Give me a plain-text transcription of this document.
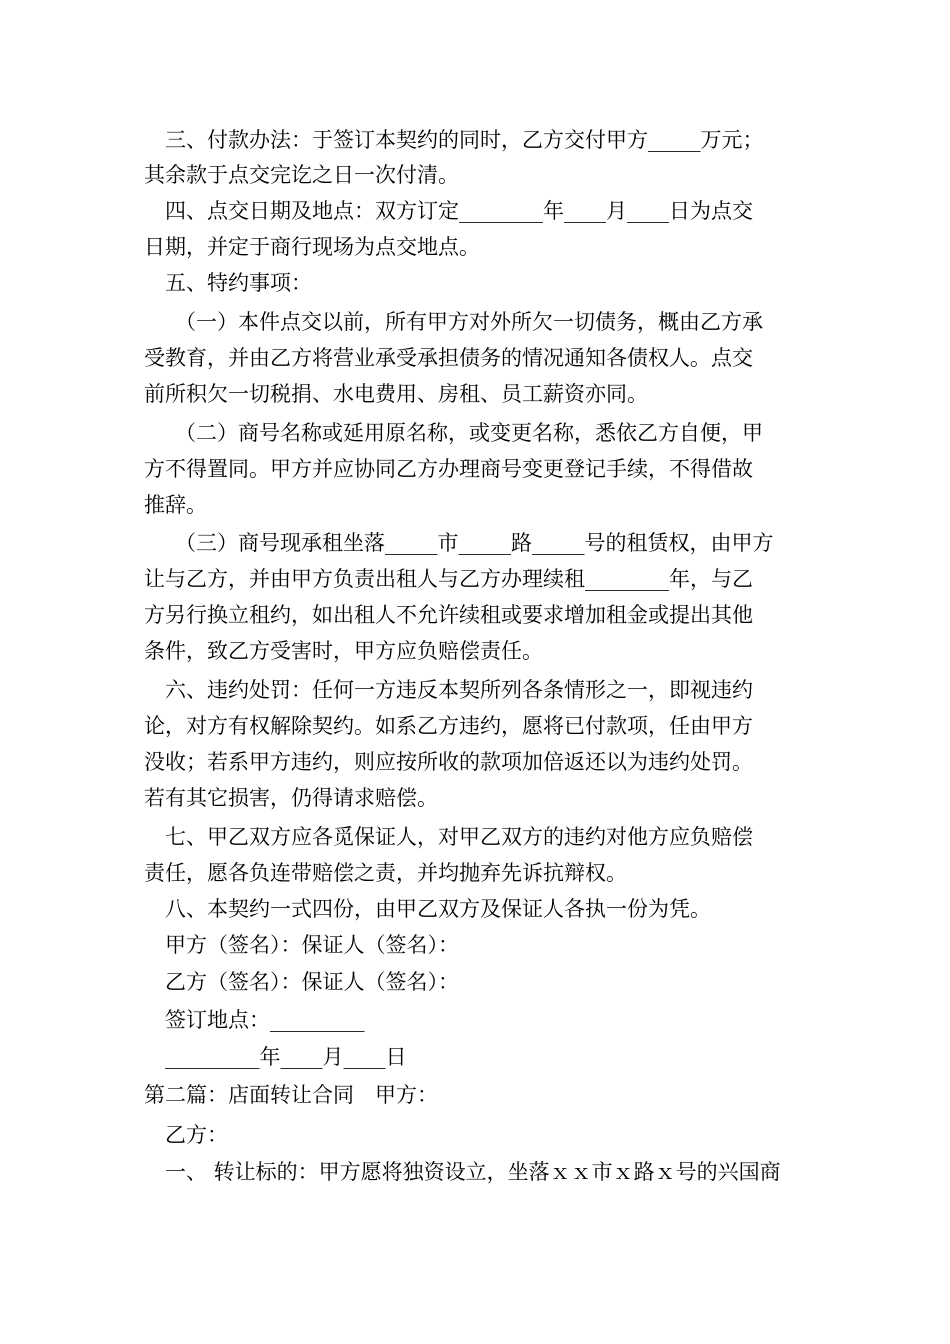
三、付款办法：于签订本契约的同时，乙方交付甲方_____万元；
其余款于点交完讫之日一次付清。
四、点交日期及地点：双方订定________年____月____日为点交
日期，并定于商行现场为点交地点。
五、特约事项：
（一）本件点交以前，所有甲方对外所欠一切债务，概由乙方承
受教育，并由乙方将营业承受承担债务的情况通知各债权人。点交
前所积欠一切税捐、水电费用、房租、员工薪资亦同。
（二）商号名称或延用原名称，或变更名称，悉依乙方自便，甲
方不得置同。甲方并应协同乙方办理商号变更登记手续，不得借故
推辞。
（三）商号现承租坐落_____市_____路_____号的租赁权，由甲方
让与乙方，并由甲方负责出租人与乙方办理续租________年，与乙
方另行换立租约，如出租人不允许续租或要求增加租金或提出其他
条件，致乙方受害时，甲方应负赔偿责任。
六、违约处罚：任何一方违反本契所列各条情形之一，即视违约
论，对方有权解除契约。如系乙方违约，愿将已付款项，任由甲方
没收；若系甲方违约，则应按所收的款项加倍返还以为违约处罚。
若有其它损害，仍得请求赔偿。
七、甲乙双方应各觅保证人，对甲乙双方的违约对他方应负赔偿
责任，愿各负连带赔偿之责，并均抛弃先诉抗辩权。
八、本契约一式四份，由甲乙双方及保证人各执一份为凭。
甲方（签名）：保证人（签名）：
乙方（签名）：保证人（签名）：
签订地点：_________
_________年____月____日
第二篇：店面转让合同　甲方：
乙方：
一、 转让标的：甲方愿将独资设立，坐落ｘｘ市ｘ路ｘ号的兴国商
